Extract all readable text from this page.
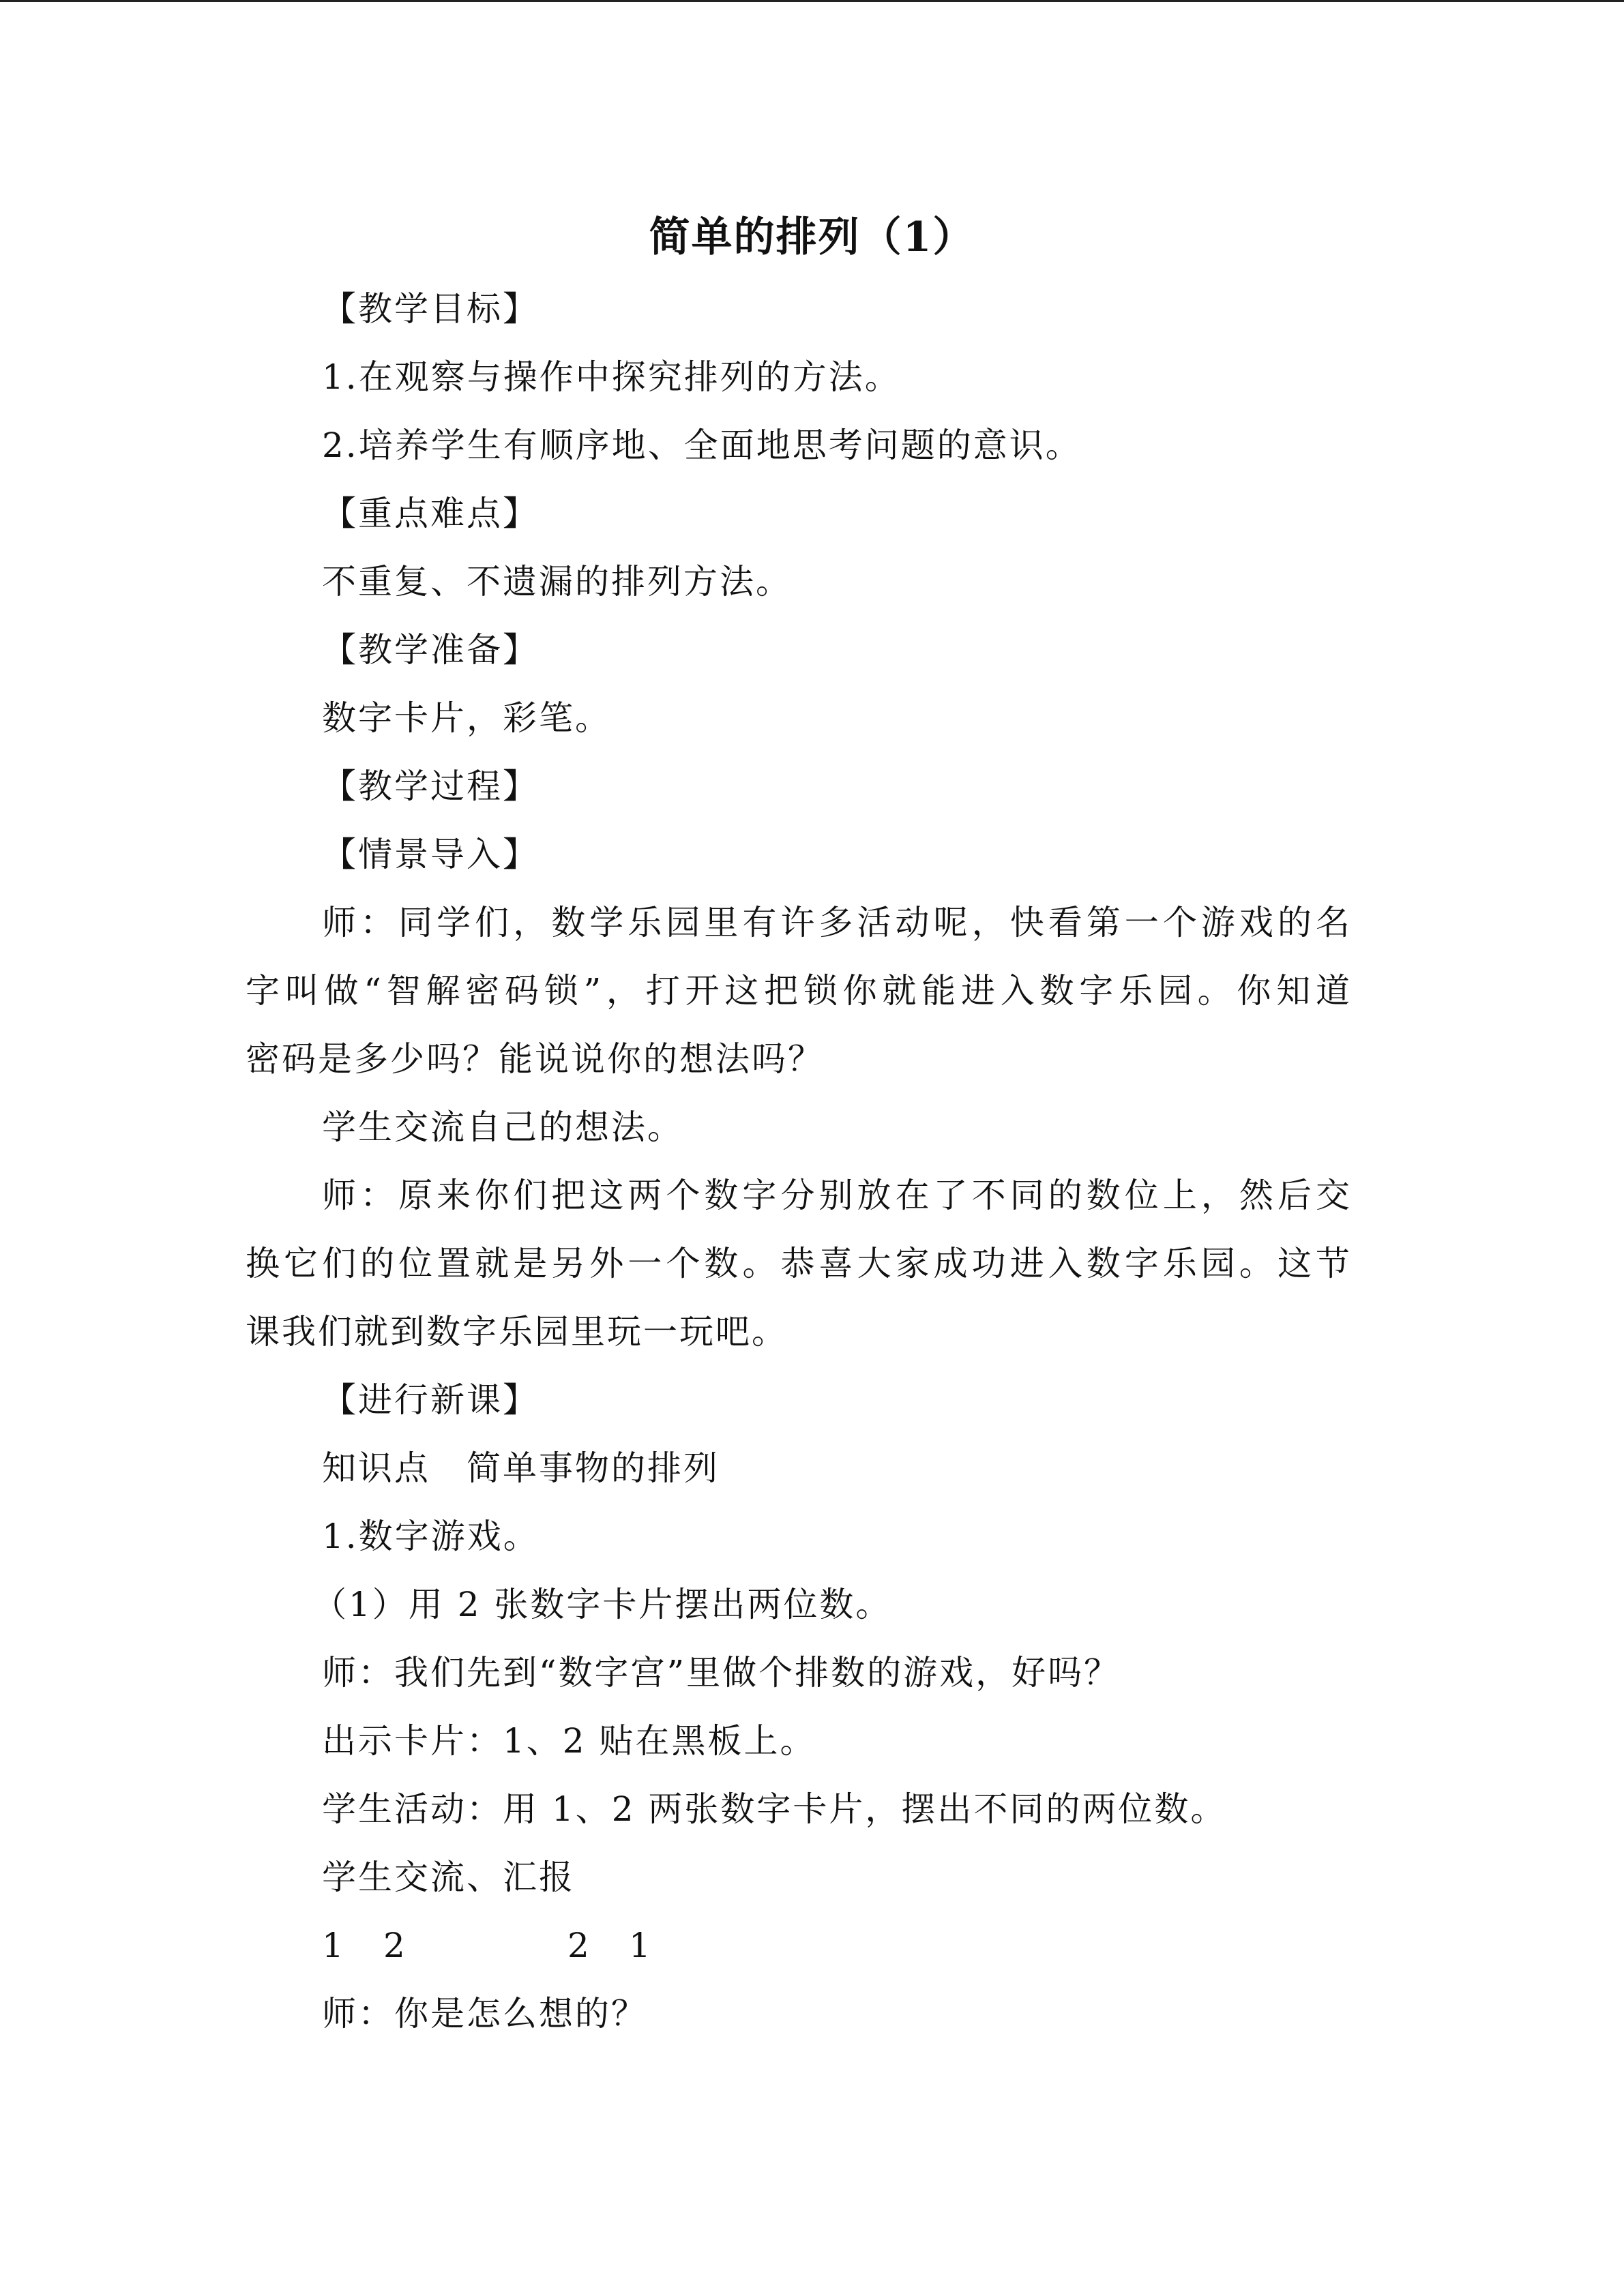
简单的排列（1）
【教学目标】
1.在观察与操作中探究排列的方法。
2.培养学生有顺序地、全面地思考问题的意识。
【重点难点】
不重复、不遗漏的排列方法。
【教学准备】
数字卡片，彩笔。
【教学过程】
【情景导入】
师：同学们，数学乐园里有许多活动呢，快看第一个游戏的名
字叫做“智解密码锁”，打开这把锁你就能进入数字乐园。你知道
密码是多少吗？能说说你的想法吗？
学生交流自己的想法。
师：原来你们把这两个数字分别放在了不同的数位上，然后交
换它们的位置就是另外一个数。恭喜大家成功进入数字乐园。这节
课我们就到数字乐园里玩一玩吧。
【进行新课】
知识点　简单事物的排列
1.数字游戏。
（1）用 2 张数字卡片摆出两位数。
师：我们先到“数字宫”里做个排数的游戏，好吗？
出示卡片：1、2 贴在黑板上。
学生活动：用 1、2 两张数字卡片，摆出不同的两位数。
学生交流、汇报
1 2	2 1
师：你是怎么想的？
